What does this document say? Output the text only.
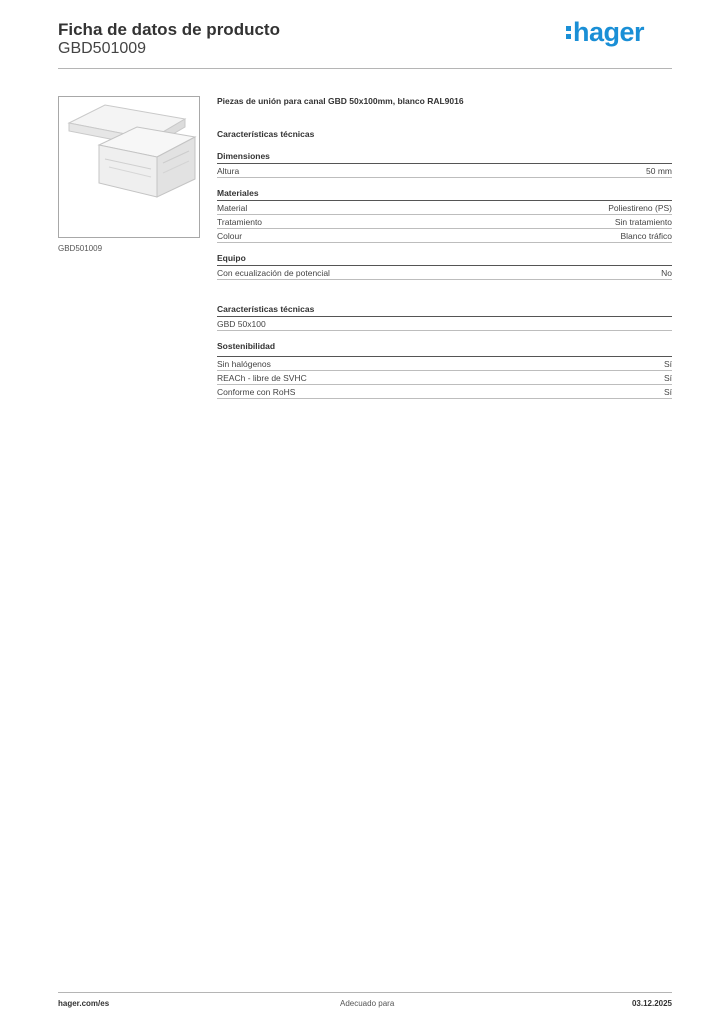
Ficha de datos de producto
GBD501009
hager
GBD501009
Piezas de unión para canal GBD 50x100mm, blanco RAL9016
Características técnicas
Dimensiones
Altura	50 mm
Materiales
Material	Poliestireno (PS)
Tratamiento	Sin tratamiento
Colour	Blanco tráfico
Equipo
Con ecualización de potencial	No
Características técnicas
GBD 50x100
Sostenibilidad
Sin halógenos	Sí
REACh - libre de SVHC	Sí
Conforme con RoHS	Sí
hager.com/es	Adecuado para	03.12.2025
